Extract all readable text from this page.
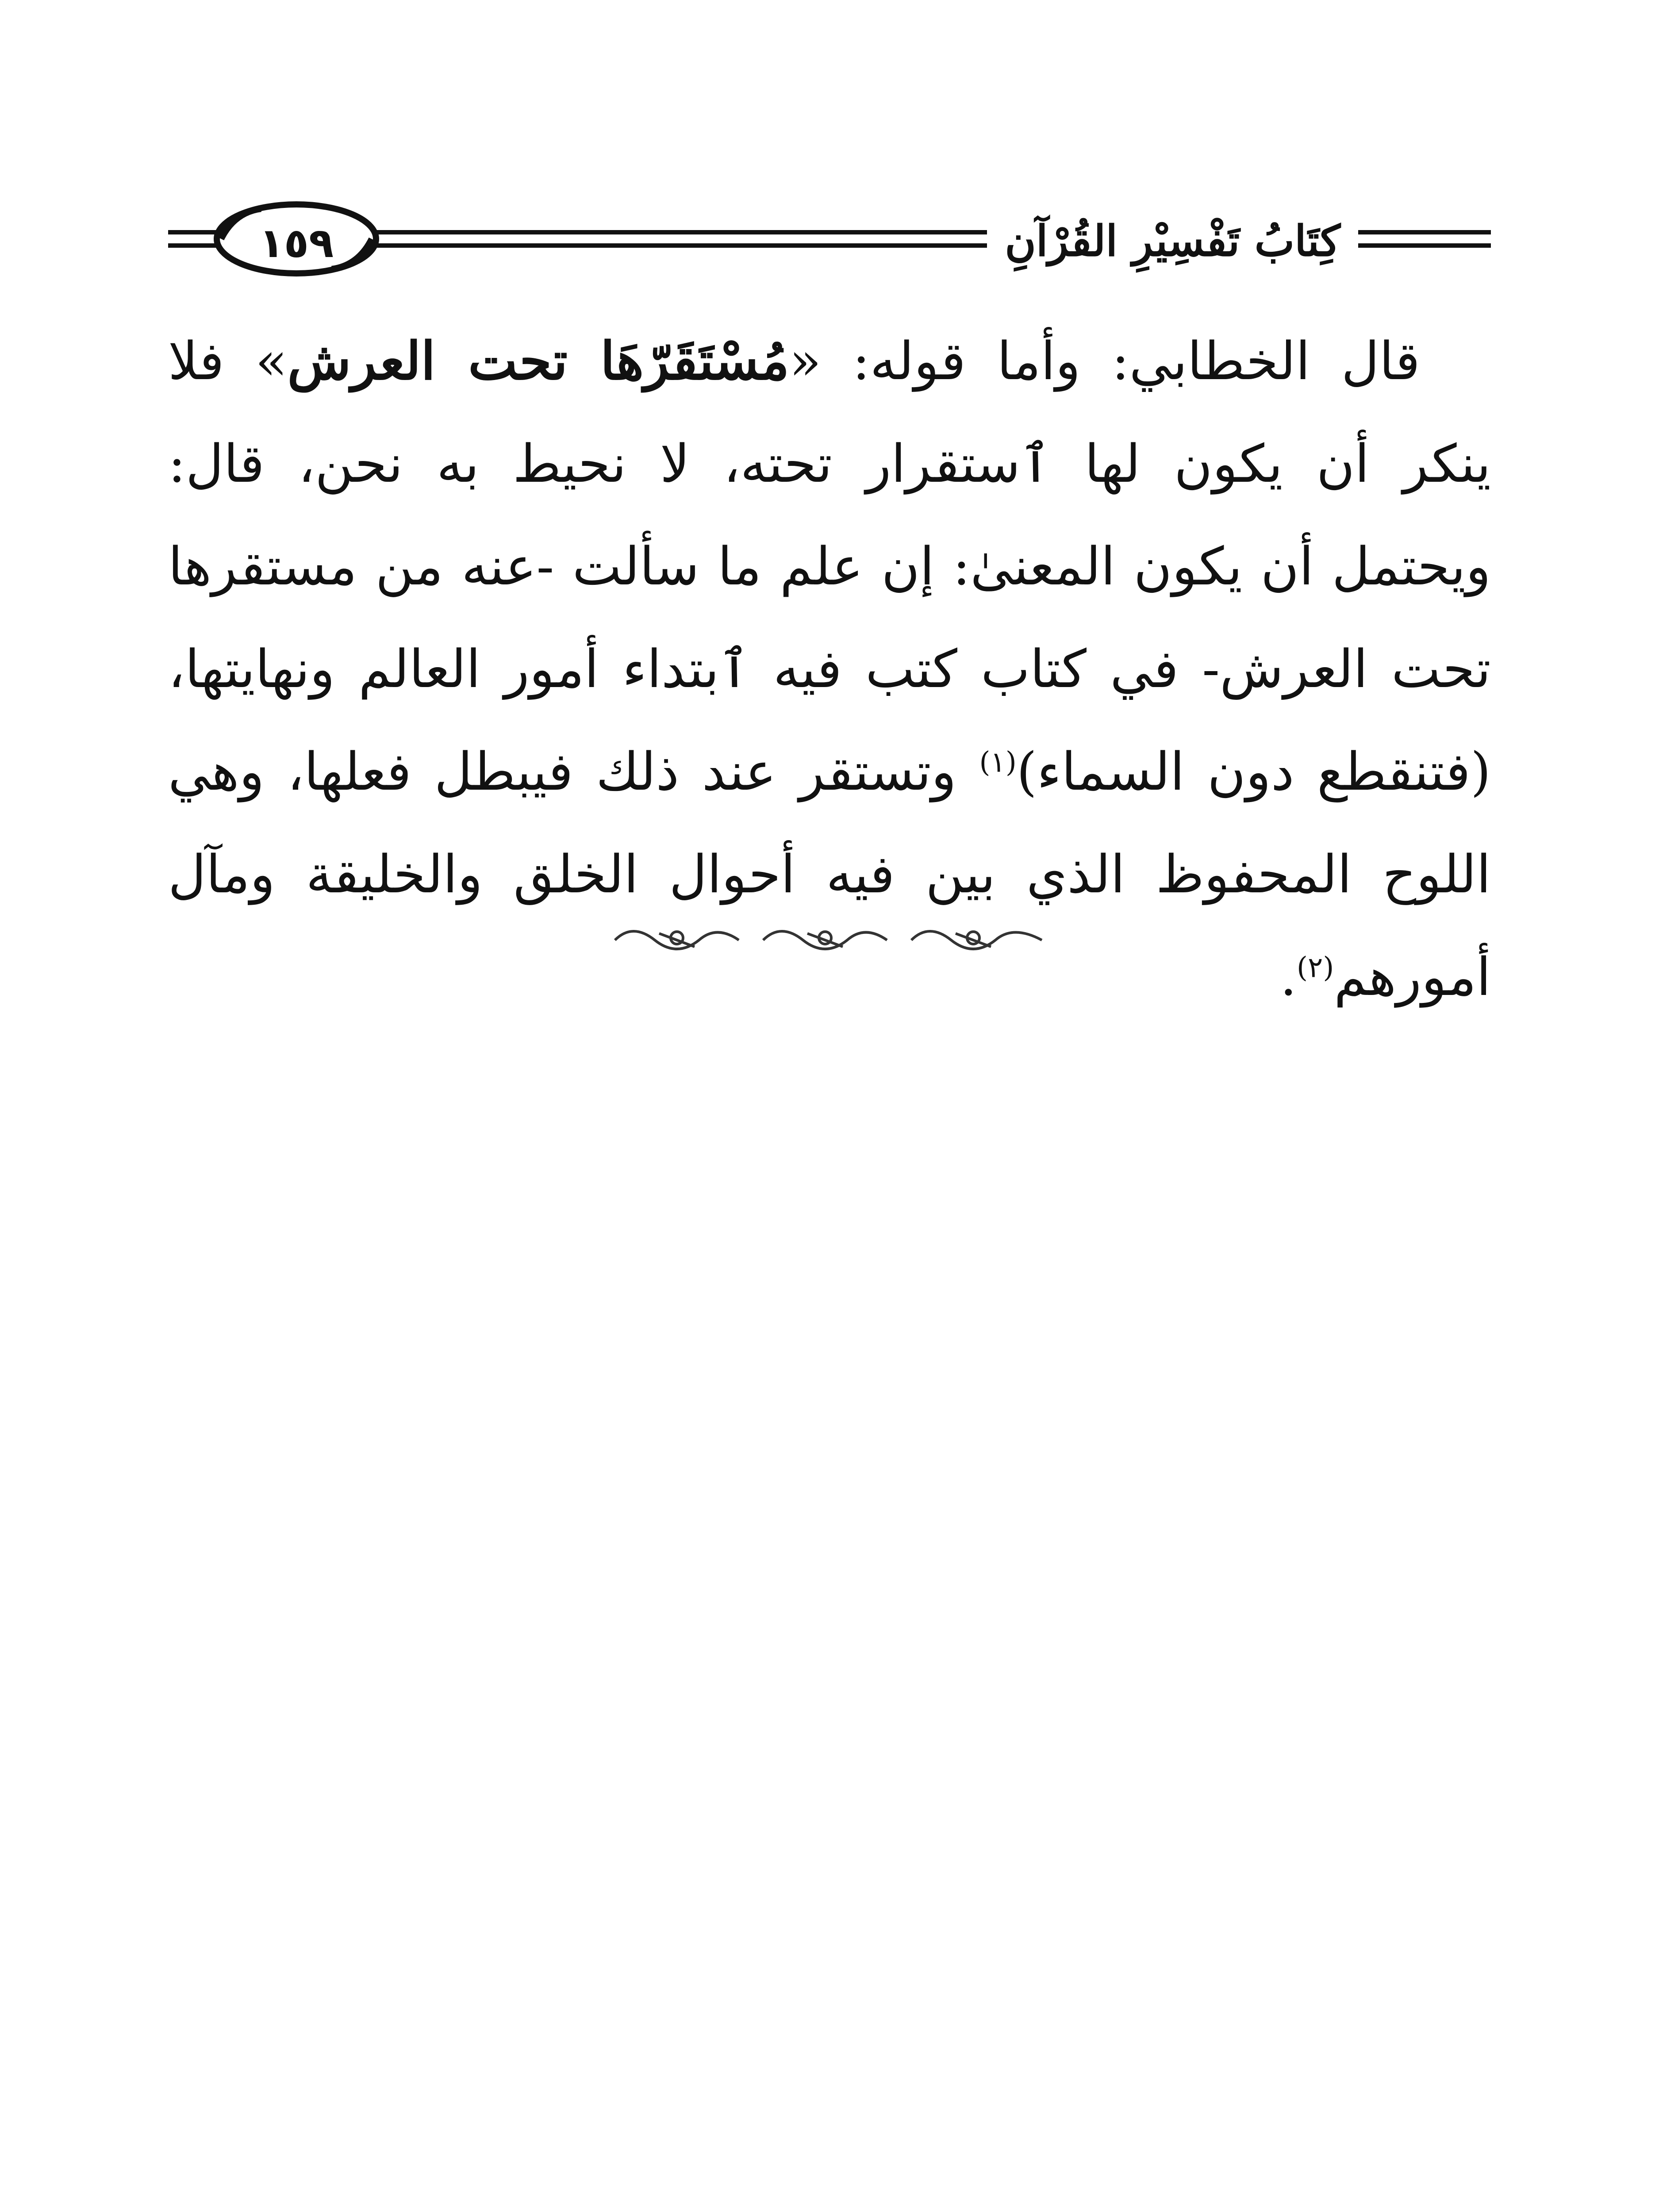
١٥٩	كِتَابُ تَفْسِيْرِ القُرْآنِ

قال الخطابي: وأما قوله: «مُسْتَقَرّهَا تحت العرش» فلا ينكر أن يكون لها ٱستقرار تحته، لا نحيط به نحن، قال: ويحتمل أن يكون المعنىٰ: إن علم ما سألت -عنه من مستقرها تحت العرش- في كتاب كتب فيه ٱبتداء أمور العالم ونهايتها، (فتنقطع دون السماء)$^{(١)}$ وتستقر عند ذلك فيبطل فعلها، وهي اللوح المحفوظ الذي بين فيه أحوال الخلق والخليقة ومآل أمورهم$^{(٢)}$.
